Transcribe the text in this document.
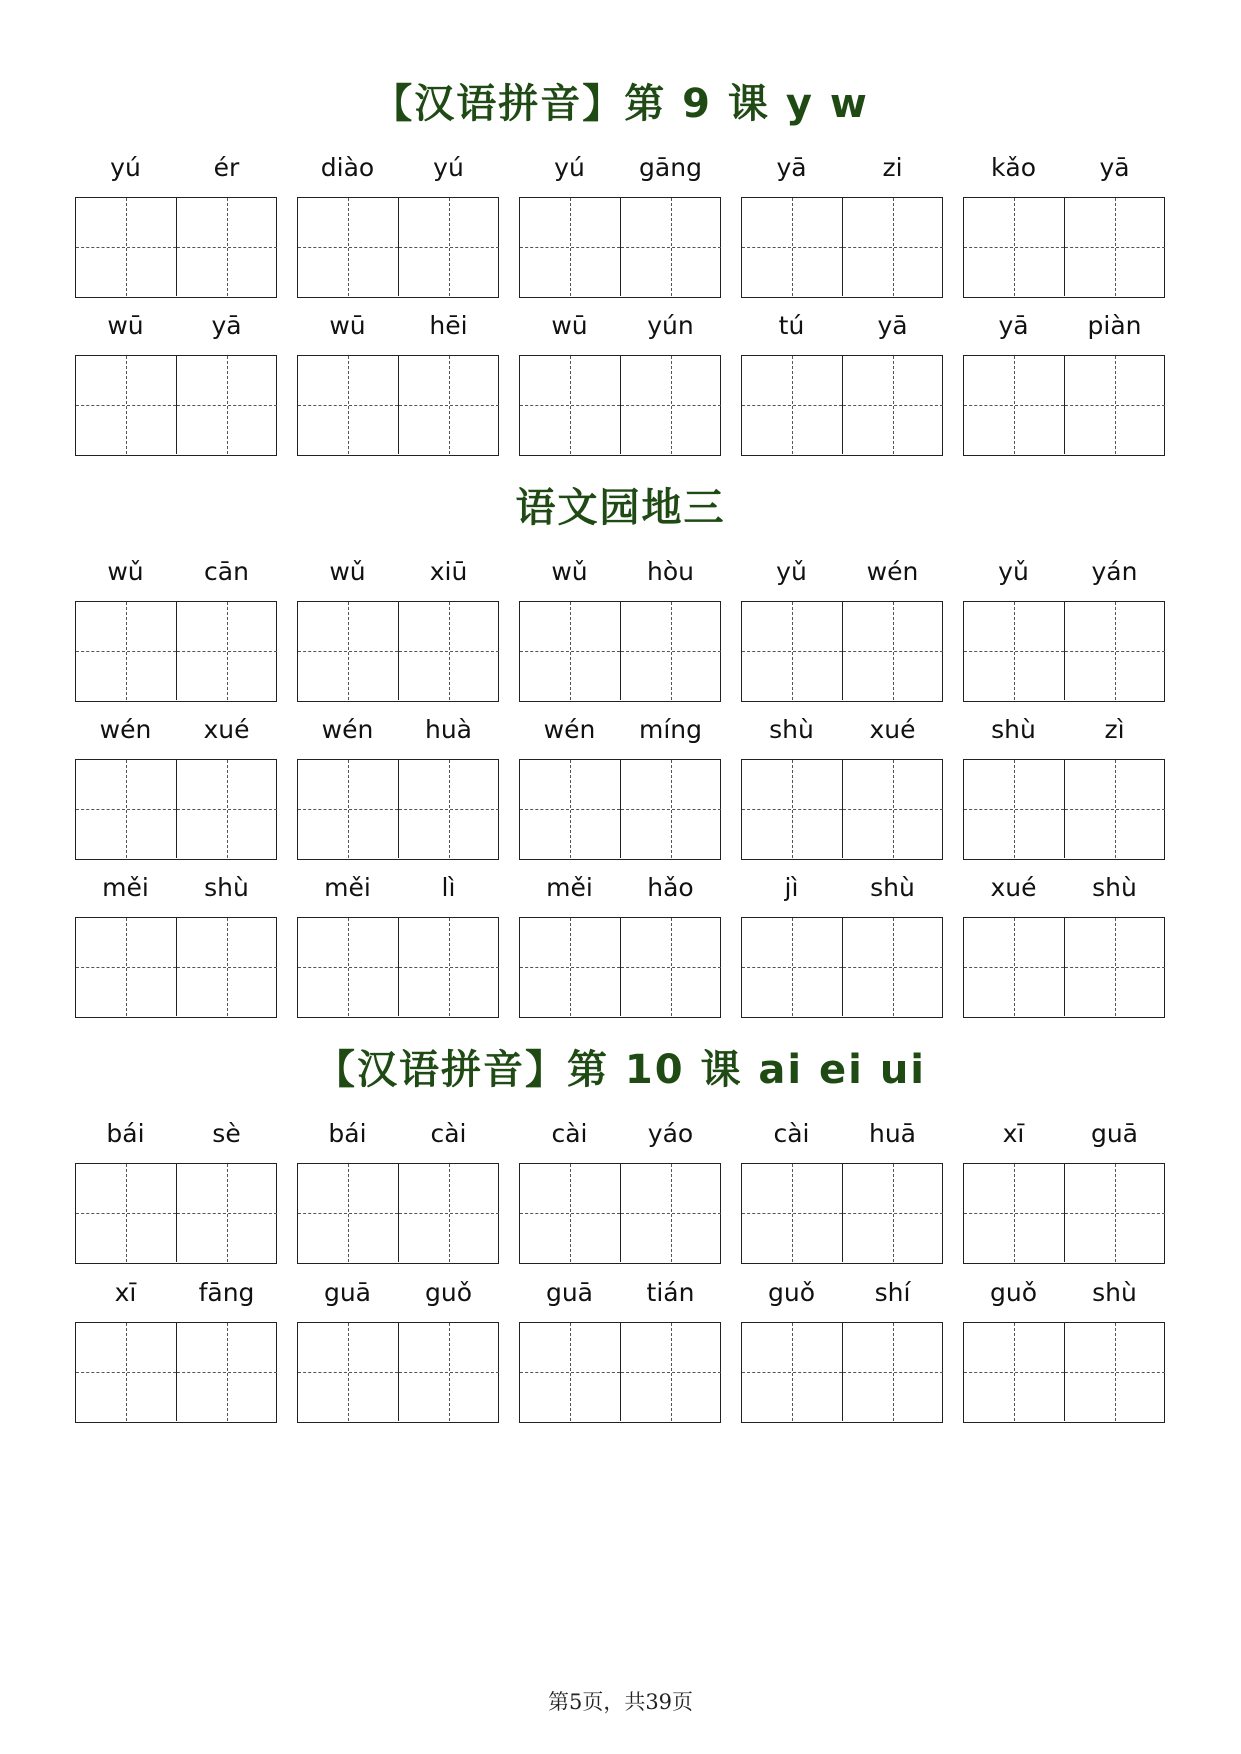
【汉语拼音】第 9 课 y w
yú	ér	diào	yú	yú	gāng	yā	zi	kǎo	yā
wū	yā	wū	hēi	wū	yún	tú	yā	yā	piàn
语文园地三
wǔ	cān	wǔ	xiū	wǔ	hòu	yǔ	wén	yǔ	yán
wén	xué	wén	huà	wén	míng	shù	xué	shù	zì
měi	shù	měi	lì	měi	hǎo	jì	shù	xué	shù
【汉语拼音】第 10 课 ai ei ui
bái	sè	bái	cài	cài	yáo	cài	huā	xī	guā
xī	fāng	guā	guǒ	guā	tián	guǒ	shí	guǒ	shù
第5页，共39页
